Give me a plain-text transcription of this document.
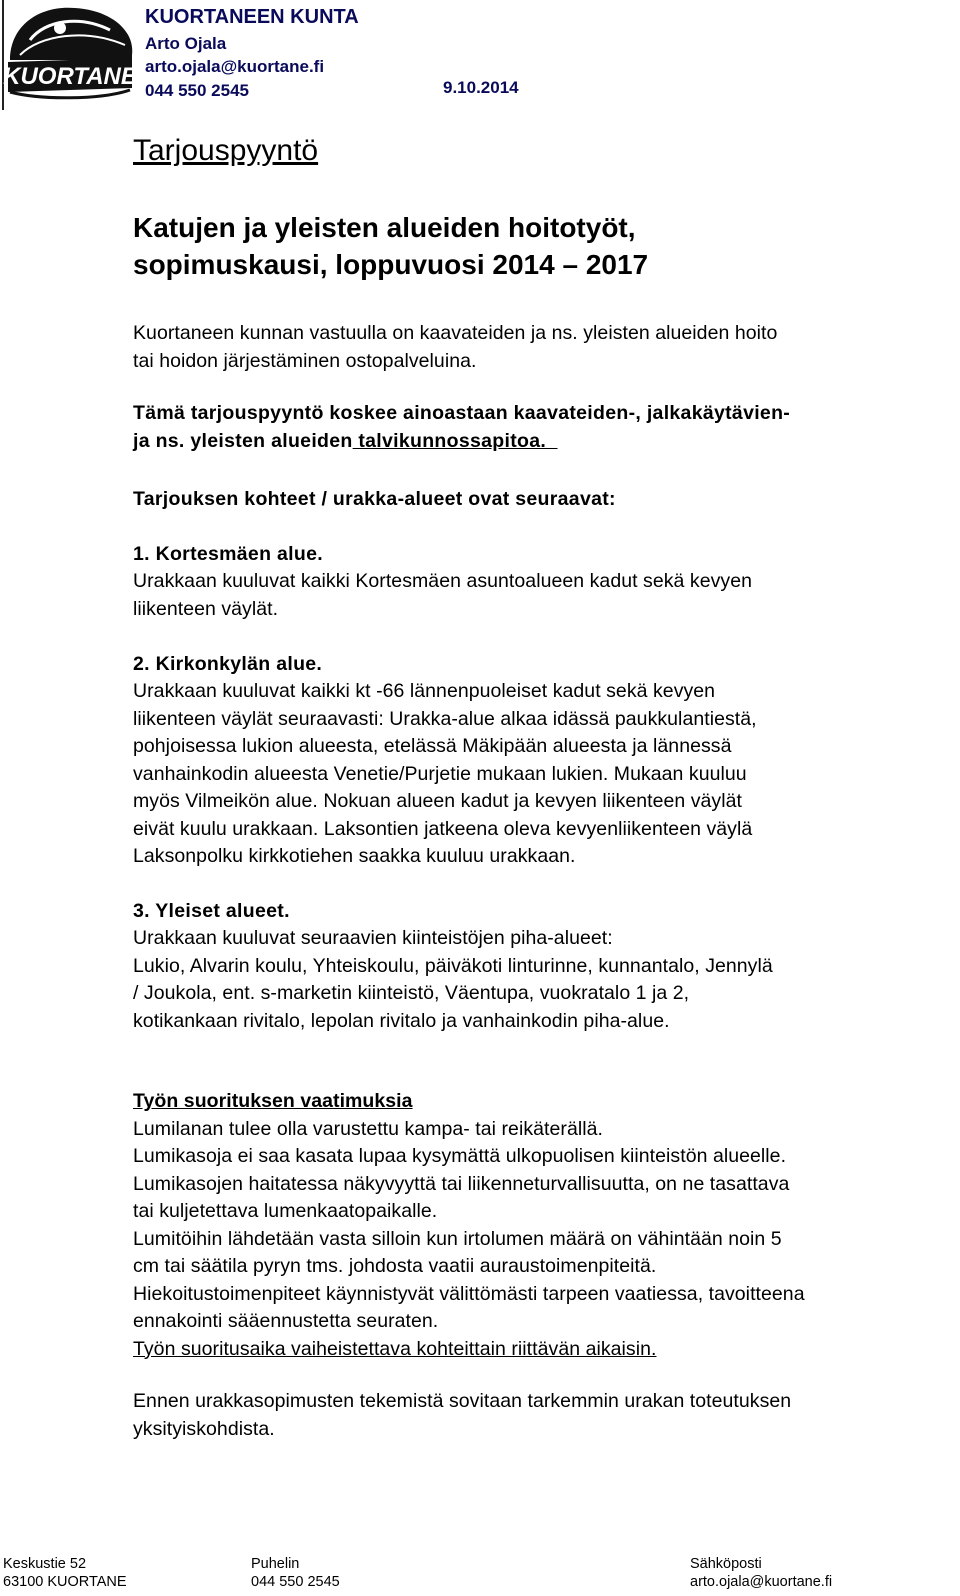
KUORTANE
KUORTANEEN KUNTA
Arto Ojala
arto.ojala@kuortane.fi
044 550 2545	9.10.2014
Tarjouspyyntö
Katujen ja yleisten alueiden hoitotyöt,
sopimuskausi, loppuvuosi 2014 – 2017
Kuortaneen kunnan vastuulla on kaavateiden ja ns. yleisten alueiden hoito
tai hoidon järjestäminen ostopalveluina.
Tämä tarjouspyyntö koskee ainoastaan kaavateiden-, jalkakäytävien-
ja ns. yleisten alueiden talvikunnossapitoa.
Tarjouksen kohteet / urakka-alueet ovat seuraavat:
1. Kortesmäen alue.
Urakkaan kuuluvat kaikki Kortesmäen asuntoalueen kadut sekä kevyen
liikenteen väylät.
2. Kirkonkylän alue.
Urakkaan kuuluvat kaikki kt -66 lännenpuoleiset kadut sekä kevyen
liikenteen väylät seuraavasti: Urakka-alue alkaa idässä paukkulantiestä,
pohjoisessa lukion alueesta, etelässä Mäkipään alueesta ja lännessä
vanhainkodin alueesta Venetie/Purjetie mukaan lukien. Mukaan kuuluu
myös Vilmeikön alue. Nokuan alueen kadut ja kevyen liikenteen väylät
eivät kuulu urakkaan. Laksontien jatkeena oleva kevyenliikenteen väylä
Laksonpolku kirkkotiehen saakka kuuluu urakkaan.
3. Yleiset alueet.
Urakkaan kuuluvat seuraavien kiinteistöjen piha-alueet:
Lukio, Alvarin koulu, Yhteiskoulu, päiväkoti linturinne, kunnantalo, Jennylä
/ Joukola, ent. s-marketin kiinteistö, Väentupa, vuokratalo 1 ja 2,
kotikankaan rivitalo, lepolan rivitalo ja vanhainkodin piha-alue.
Työn suorituksen vaatimuksia
Lumilanan tulee olla varustettu kampa- tai reikäterällä.
Lumikasoja ei saa kasata lupaa kysymättä ulkopuolisen kiinteistön alueelle.
Lumikasojen haitatessa näkyvyyttä tai liikenneturvallisuutta, on ne tasattava
tai kuljetettava lumenkaatopaikalle.
Lumitöihin lähdetään vasta silloin kun irtolumen määrä on vähintään noin 5
cm tai säätila pyryn tms. johdosta vaatii auraustoimenpiteitä.
Hiekoitustoimenpiteet käynnistyvät välittömästi tarpeen vaatiessa, tavoitteena
ennakointi sääennustetta seuraten.
Työn suoritusaika vaiheistettava kohteittain riittävän aikaisin.
Ennen urakkasopimusten tekemistä sovitaan tarkemmin urakan toteutuksen
yksityiskohdista.
Keskustie 52
63100 KUORTANE
Puhelin
044 550 2545
Sähköposti
arto.ojala@kuortane.fi
